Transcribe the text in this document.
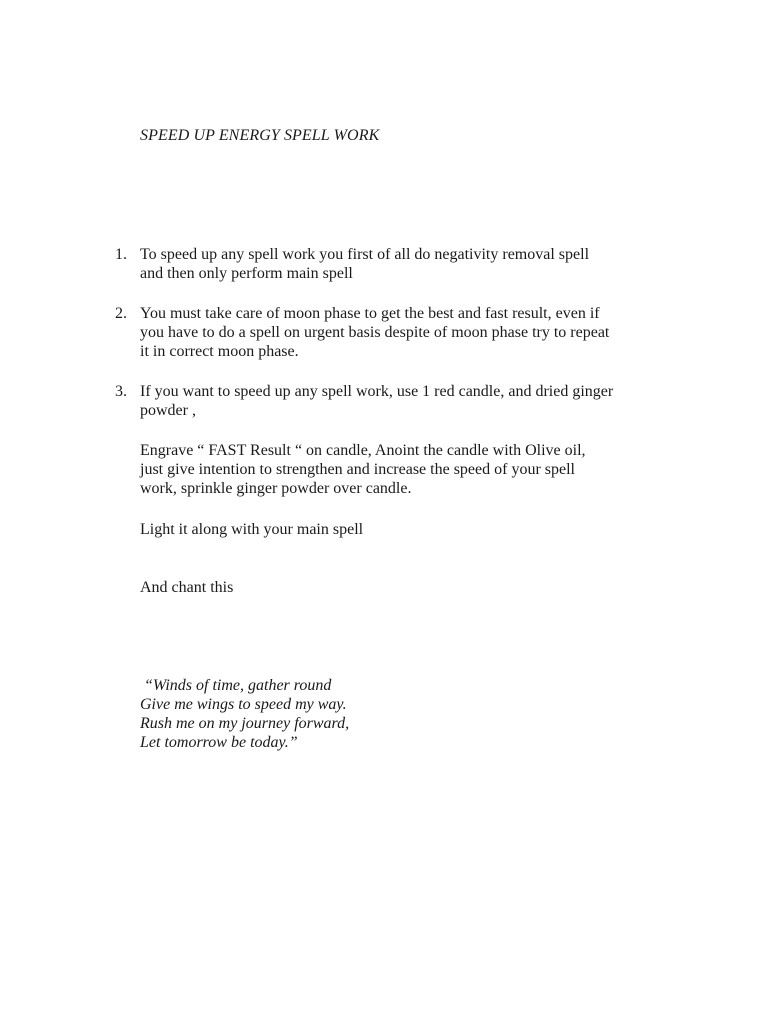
SPEED UP ENERGY SPELL WORK
1. To speed up any spell work you first of all do negativity removal spell
and then only perform main spell
2. You must take care of moon phase to get the best and fast result, even if
you have to do a spell on urgent basis despite of moon phase try to repeat
it in correct moon phase.
3. If you want to speed up any spell work, use 1 red candle, and dried ginger
powder ,
Engrave “ FAST Result “ on candle, Anoint the candle with Olive oil,
just give intention to strengthen and increase the speed of your spell
work, sprinkle ginger powder over candle.
Light it along with your main spell
And chant this
“Winds of time, gather round
Give me wings to speed my way.
Rush me on my journey forward,
Let tomorrow be today.”
